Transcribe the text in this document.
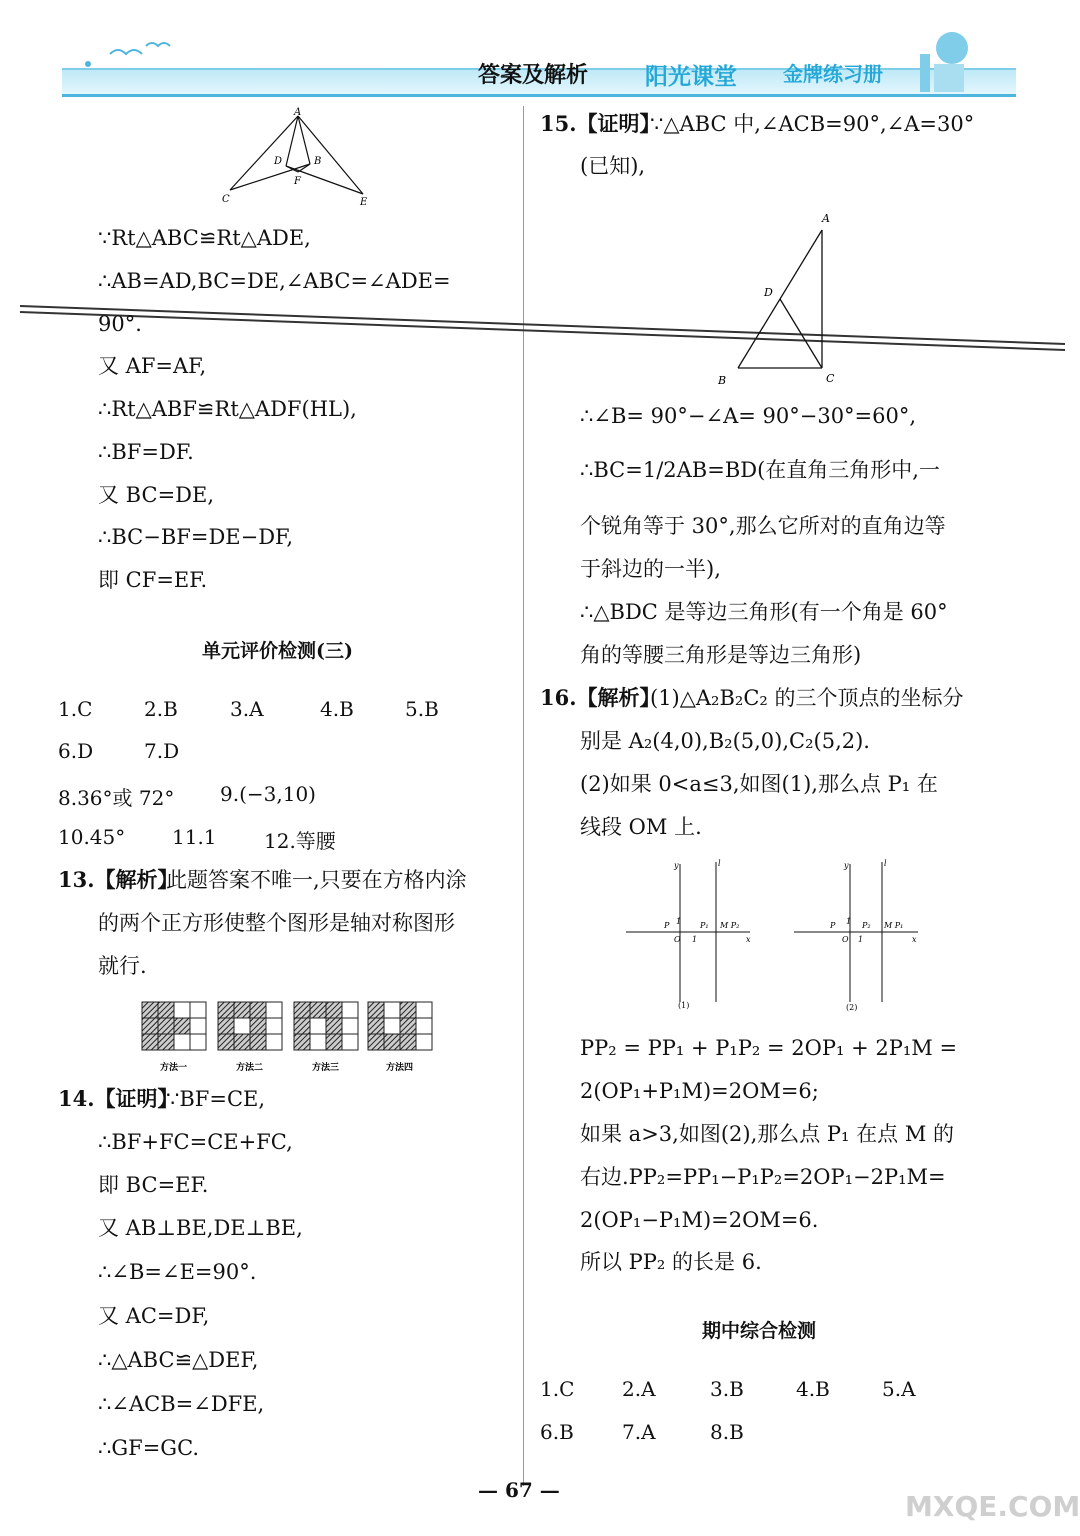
答案及解析 阳光课堂 金牌练习册
A
D	B
F
C	E
∵Rt△ABC≌Rt△ADE,
∴AB=AD,BC=DE,∠ABC=∠ADE=
90°.
又 AF=AF,
∴Rt△ABF≌Rt△ADF(HL),
∴BF=DF.
又 BC=DE,
∴BC−BF=DE−DF,
即 CF=EF.
单元评价检测(三)
1.C	2.B	3.A	4.B	5.B
6.D	7.D
8.36°或 72° 9.(−3,10)
10.45° 11.1 12.等腰
13.【解析】
此题答案不唯一,只要在方格内涂
的两个正方形使整个图形是轴对称图形
就行.
方法一	方法二	方法三	方法四
14.【证明】
∵BF=CE,
∴BF+FC=CE+FC,
即 BC=EF.
又 AB⊥BE,DE⊥BE,
∴∠B=∠E=90°.
又 AC=DF,
∴△ABC≌△DEF,
∴∠ACB=∠DFE,
∴GF=GC.
15.【证明】
∵△ABC 中,∠ACB=90°,∠A=30°
(已知),
A
D
B	C
∴∠B= 90°−∠A= 90°−30°=60°,
∴BC=1/2AB=BD(在直角三角形中,一
个锐角等于 30°,那么它所对的直角边等
于斜边的一半),
∴△BDC 是等边三角形(有一个角是 60°
角的等腰三角形是等边三角形)
16.【解析】
(1)△A₂B₂C₂ 的三个顶点的坐标分
别是 A₂(4,0),B₂(5,0),C₂(5,2).
(2)如果 0<a≤3,如图(1),那么点 P₁ 在
线段 OM 上.
y	l
P 1 P₁ M P₂
O 1	x
y	l
P 1 P₂ M P₁
O 1	x
(1)	(2)
PP₂ = PP₁ + P₁P₂ = 2OP₁ + 2P₁M =
2(OP₁+P₁M)=2OM=6;
如果 a>3,如图(2),那么点 P₁ 在点 M 的
右边.PP₂=PP₁−P₁P₂=2OP₁−2P₁M=
2(OP₁−P₁M)=2OM=6.
所以 PP₂ 的长是 6.
期中综合检测
1.C 2.A	3.B	4.B	5.A
6.B 7.A	8.B
— 67 —	MXQE.COM
